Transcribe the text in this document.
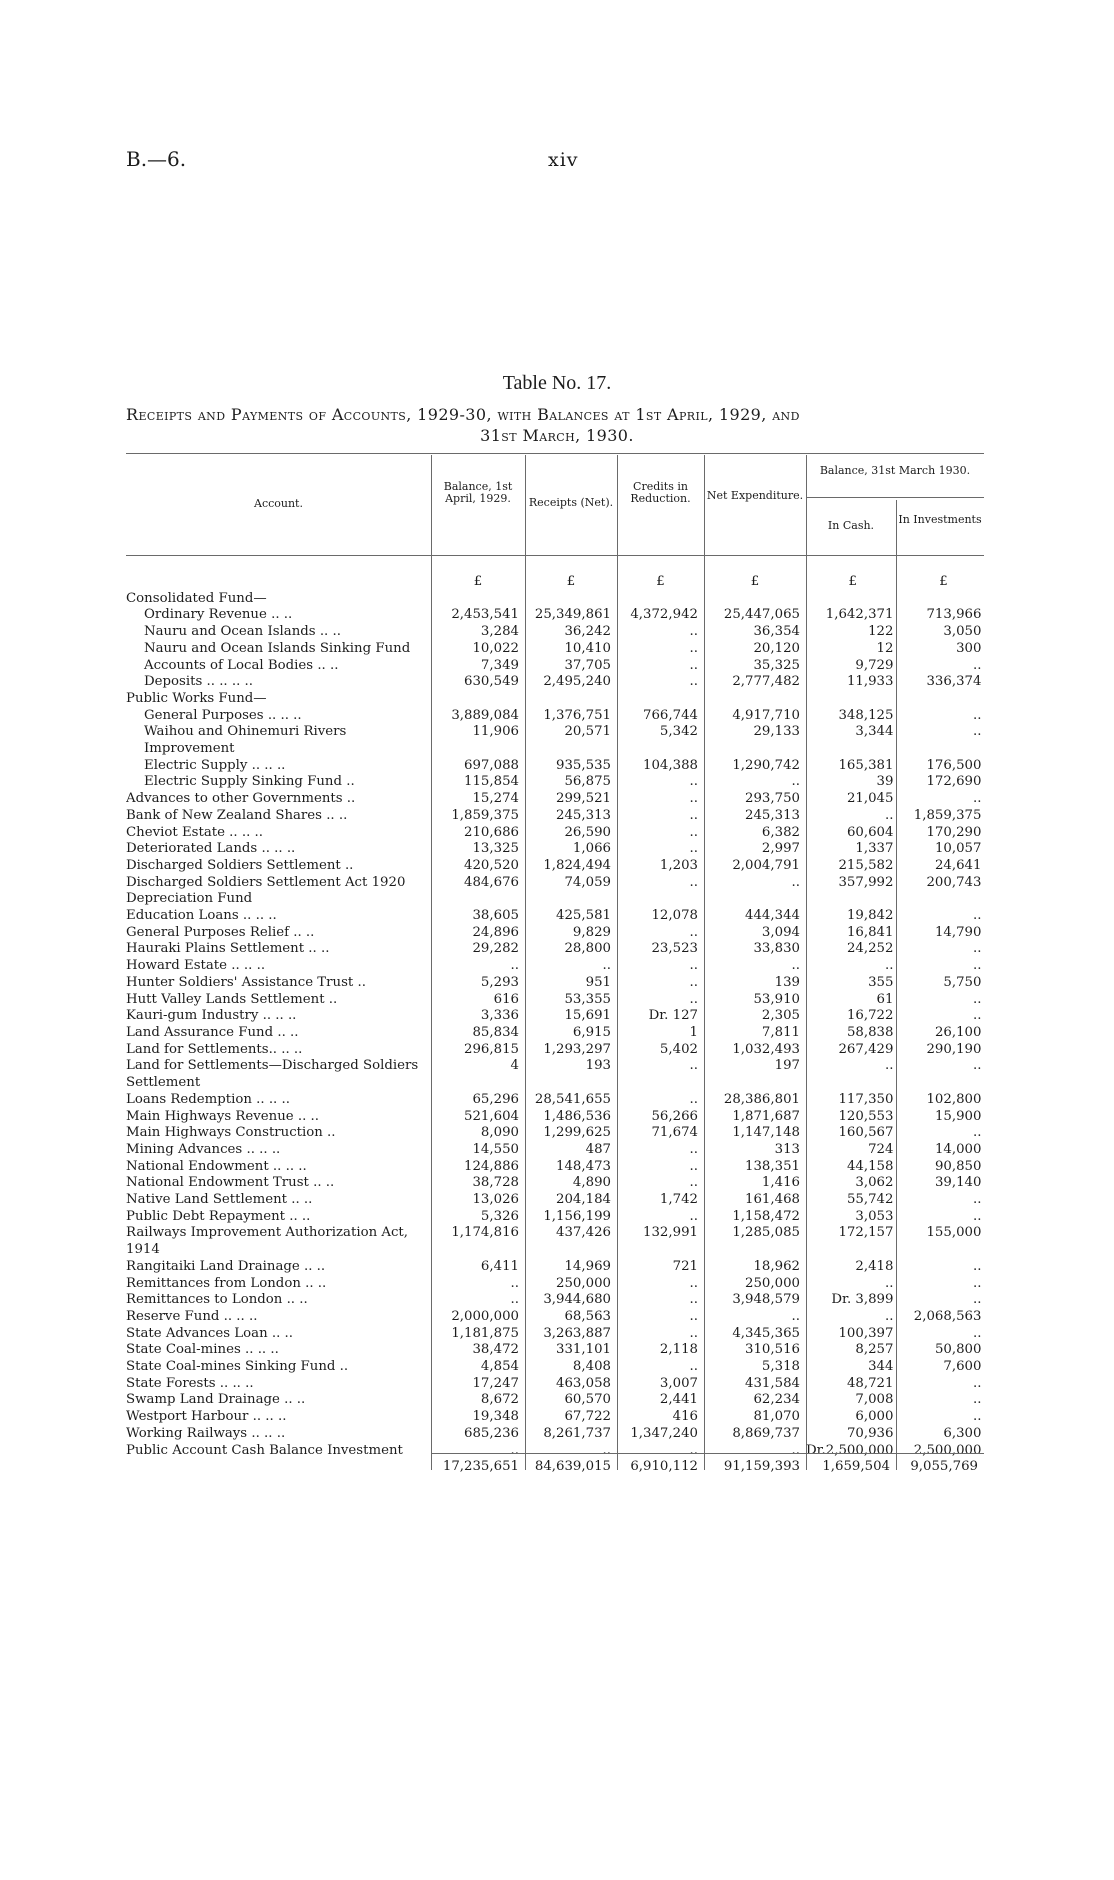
B.—6.	xiv
Table No. 17.
Receipts and Payments of Accounts, 1929-30, with Balances at 1st April, 1929, and
31st March, 1930.
Account.
Balance, 1st April, 1929.	Receipts (Net).
Credits in Reduction.	Net Expenditure.
Balance, 31st March 1930.
In Cash.	In Investments
	£	£	£	£	£	£
Consolidated Fund—						
Ordinary Revenue .. ..	2,453,541	25,349,861	4,372,942	25,447,065	1,642,371	713,966
Nauru and Ocean Islands .. ..	3,284	36,242	..	36,354	122	3,050
Nauru and Ocean Islands Sinking Fund	10,022	10,410	..	20,120	12	300
Accounts of Local Bodies .. ..	7,349	37,705	..	35,325	9,729	..
Deposits .. .. .. ..	630,549	2,495,240	..	2,777,482	11,933	336,374
Public Works Fund—						
General Purposes .. .. ..	3,889,084	1,376,751	766,744	4,917,710	348,125	..
Waihou and Ohinemuri Rivers Improvement	11,906	20,571	5,342	29,133	3,344	..
Electric Supply .. .. ..	697,088	935,535	104,388	1,290,742	165,381	176,500
Electric Supply Sinking Fund ..	115,854	56,875	..	..	39	172,690
Advances to other Governments ..	15,274	299,521	..	293,750	21,045	..
Bank of New Zealand Shares .. ..	1,859,375	245,313	..	245,313	..	1,859,375
Cheviot Estate .. .. ..	210,686	26,590	..	6,382	60,604	170,290
Deteriorated Lands .. .. ..	13,325	1,066	..	2,997	1,337	10,057
Discharged Soldiers Settlement ..	420,520	1,824,494	1,203	2,004,791	215,582	24,641
Discharged Soldiers Settlement Act 1920 Depreciation Fund	484,676	74,059	..	..	357,992	200,743
Education Loans .. .. ..	38,605	425,581	12,078	444,344	19,842	..
General Purposes Relief .. ..	24,896	9,829	..	3,094	16,841	14,790
Hauraki Plains Settlement .. ..	29,282	28,800	23,523	33,830	24,252	..
Howard Estate .. .. ..	..	..	..	..	..	..
Hunter Soldiers' Assistance Trust ..	5,293	951	..	139	355	5,750
Hutt Valley Lands Settlement ..	616	53,355	..	53,910	61	..
Kauri-gum Industry .. .. ..	3,336	15,691	Dr. 127	2,305	16,722	..
Land Assurance Fund .. ..	85,834	6,915	1	7,811	58,838	26,100
Land for Settlements.. .. ..	296,815	1,293,297	5,402	1,032,493	267,429	290,190
Land for Settlements—Discharged Soldiers Settlement	4	193	..	197	..	..
Loans Redemption .. .. ..	65,296	28,541,655	..	28,386,801	117,350	102,800
Main Highways Revenue .. ..	521,604	1,486,536	56,266	1,871,687	120,553	15,900
Main Highways Construction ..	8,090	1,299,625	71,674	1,147,148	160,567	..
Mining Advances .. .. ..	14,550	487	..	313	724	14,000
National Endowment .. .. ..	124,886	148,473	..	138,351	44,158	90,850
National Endowment Trust .. ..	38,728	4,890	..	1,416	3,062	39,140
Native Land Settlement .. ..	13,026	204,184	1,742	161,468	55,742	..
Public Debt Repayment .. ..	5,326	1,156,199	..	1,158,472	3,053	..
Railways Improvement Authorization Act, 1914	1,174,816	437,426	132,991	1,285,085	172,157	155,000
Rangitaiki Land Drainage .. ..	6,411	14,969	721	18,962	2,418	..
Remittances from London .. ..	..	250,000	..	250,000	..	..
Remittances to London .. ..	..	3,944,680	..	3,948,579	Dr. 3,899	..
Reserve Fund .. .. ..	2,000,000	68,563	..	..	..	2,068,563
State Advances Loan .. ..	1,181,875	3,263,887	..	4,345,365	100,397	..
State Coal-mines .. .. ..	38,472	331,101	2,118	310,516	8,257	50,800
State Coal-mines Sinking Fund ..	4,854	8,408	..	5,318	344	7,600
State Forests .. .. ..	17,247	463,058	3,007	431,584	48,721	..
Swamp Land Drainage .. ..	8,672	60,570	2,441	62,234	7,008	..
Westport Harbour .. .. ..	19,348	67,722	416	81,070	6,000	..
Working Railways .. .. ..	685,236	8,261,737	1,347,240	8,869,737	70,936	6,300
Public Account Cash Balance Investment	..	..	..	..	Dr.2,500,000	2,500,000
	17,235,651	84,639,015	6,910,112	91,159,393	1,659,504	9,055,769
